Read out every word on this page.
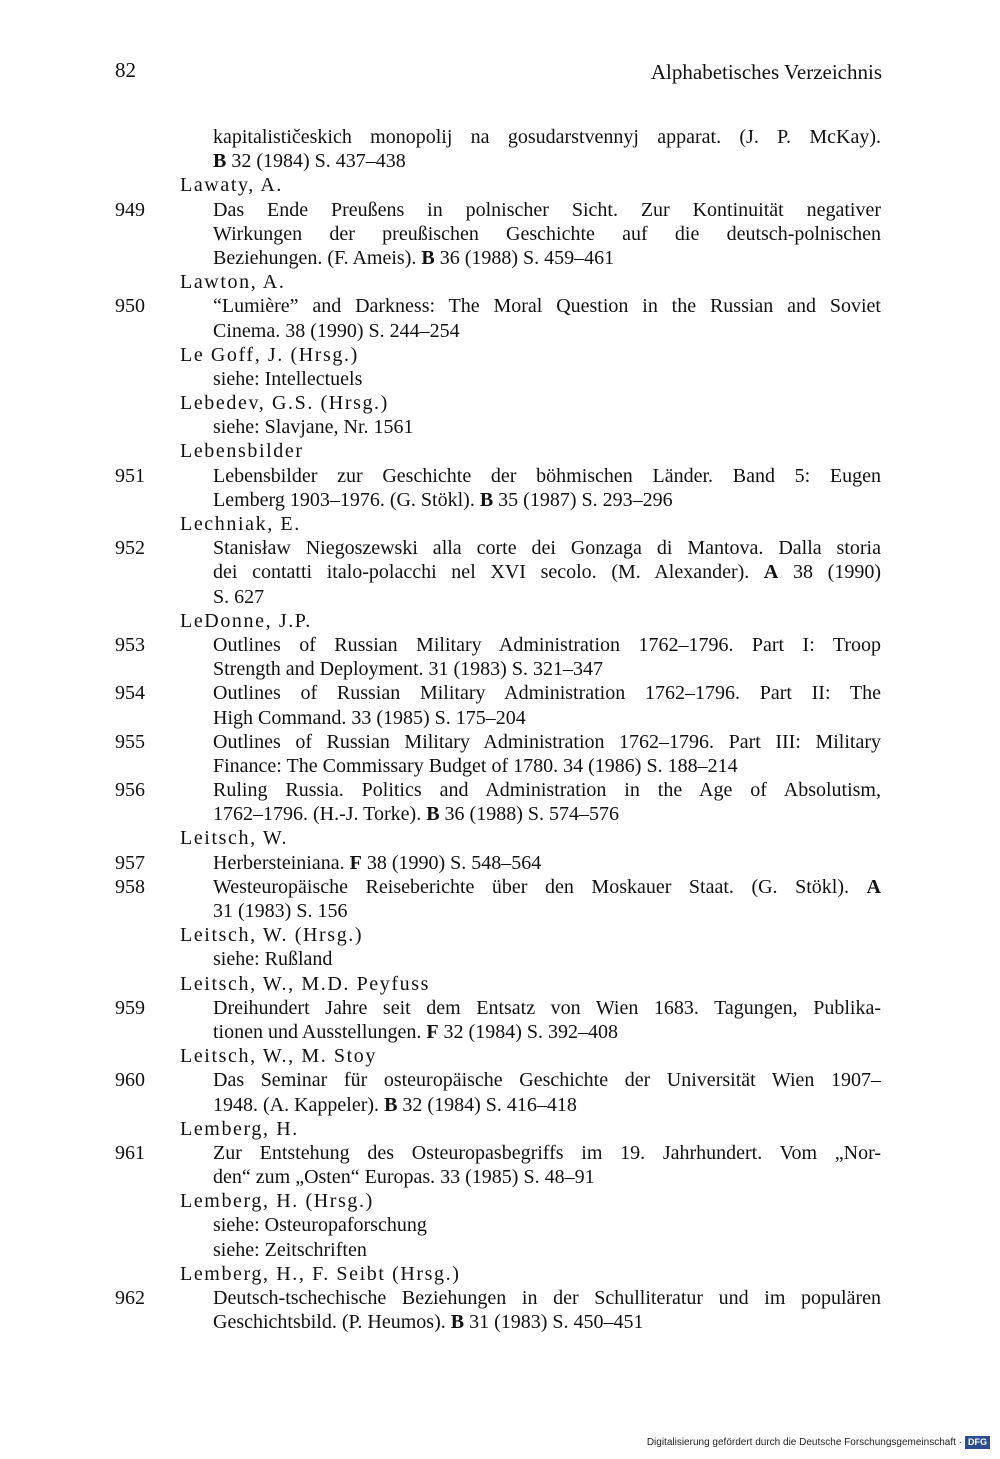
82	Alphabetisches Verzeichnis
kapitalističeskich monopolij na gosudarstvennyj apparat. (J. P. McKay).
B 32 (1984) S. 437–438
Lawaty, A.
949	Das Ende Preußens in polnischer Sicht. Zur Kontinuität negativer
Wirkungen der preußischen Geschichte auf die deutsch-polnischen
Beziehungen. (F. Ameis). B 36 (1988) S. 459–461
Lawton, A.
950	“Lumière” and Darkness: The Moral Question in the Russian and Soviet
Cinema. 38 (1990) S. 244–254
Le Goff, J. (Hrsg.)
siehe: Intellectuels
Lebedev, G.S. (Hrsg.)
siehe: Slavjane, Nr. 1561
Lebensbilder
951	Lebensbilder zur Geschichte der böhmischen Länder. Band 5: Eugen
Lemberg 1903–1976. (G. Stökl). B 35 (1987) S. 293–296
Lechniak, E.
952	Stanisław Niegoszewski alla corte dei Gonzaga di Mantova. Dalla storia
dei contatti italo-polacchi nel XVI secolo. (M. Alexander). A 38 (1990)
S. 627
LeDonne, J.P.
953	Outlines of Russian Military Administration 1762–1796. Part I: Troop
Strength and Deployment. 31 (1983) S. 321–347
954	Outlines of Russian Military Administration 1762–1796. Part II: The
High Command. 33 (1985) S. 175–204
955	Outlines of Russian Military Administration 1762–1796. Part III: Military
Finance: The Commissary Budget of 1780. 34 (1986) S. 188–214
956	Ruling Russia. Politics and Administration in the Age of Absolutism,
1762–1796. (H.-J. Torke). B 36 (1988) S. 574–576
Leitsch, W.
957	Herbersteiniana. F 38 (1990) S. 548–564
958	Westeuropäische Reiseberichte über den Moskauer Staat. (G. Stökl). A
31 (1983) S. 156
Leitsch, W. (Hrsg.)
siehe: Rußland
Leitsch, W., M.D. Peyfuss
959	Dreihundert Jahre seit dem Entsatz von Wien 1683. Tagungen, Publika-
tionen und Ausstellungen. F 32 (1984) S. 392–408
Leitsch, W., M. Stoy
960	Das Seminar für osteuropäische Geschichte der Universität Wien 1907–
1948. (A. Kappeler). B 32 (1984) S. 416–418
Lemberg, H.
961	Zur Entstehung des Osteuropasbegriffs im 19. Jahrhundert. Vom „Nor-
den“ zum „Osten“ Europas. 33 (1985) S. 48–91
Lemberg, H. (Hrsg.)
siehe: Osteuropaforschung
siehe: Zeitschriften
Lemberg, H., F. Seibt (Hrsg.)
962	Deutsch-tschechische Beziehungen in der Schulliteratur und im populären
Geschichtsbild. (P. Heumos). B 31 (1983) S. 450–451
Digitalisierung gefördert durch die Deutsche Forschungsgemeinschaft · DFG
